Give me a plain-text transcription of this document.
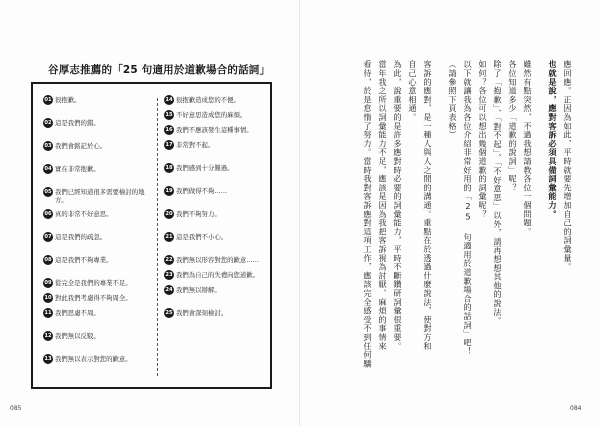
谷厚志推薦的「25 句適用於道歉場合的話詞」
01 很抱歉。
02 這是我們的錯。
03 我們會銘記於心。
04 實在非常抱歉。
05 我們已經知道很多需要檢討的地方。
06 真的非常不好意思。
07 這是我們的疏忽。
08 這是我們不夠專業。
09 從完全是我們的專業不足。
10 對此我們考慮得不夠周全。
11 我們思慮不周。
12 我們無以反駁。
13 我們無以表示對您的歉意。
14 很抱歉造成您的不便。
15 不好意思造成您的麻煩。
16 我們不應該發生這種事情。
17 非常對不起。
18 我們感到十分難過。
19 我們做得不夠……
20 我們不夠努力。
21 這是我們不小心。
22 我們無以形容對您的歉意……
23 我們為自己的失禮向您道歉。
24 我們無以辯解。
25 我們會深刻檢討。
085	084
應回應。正因為如此，平時就要先增加自己的詞彙量。
也就是說，應對客訴必須具備詞彙能力。
雖然有點突然，不過我想請教各位一個問題。
各位知道多少「道歉的說詞」呢？
除了「抱歉」、「對不起」、「不好意思」以外，請再想想其他的說法。
如何？各位可以想出幾個道歉的詞彙呢？
以下就讓我為各位介紹非常好用的「25 句適用於道歉場合的話詞」吧！
（請參照下頁表格）
客訴的應對，是一種人與人之間的溝通。重點在於透過什麼說法，使對方和
自己心意相通。
為此，說重要的是許多應對時必要的詞彙能力，平時不斷鑽研詞彙很重要。
當年我之所以詞彙能力不足，應該是因為我把客訴視為討厭、麻煩的事情來
看待，於是怠惰了努力。當時我對客訴應對這項工作，應該完全感受不到任何驕
